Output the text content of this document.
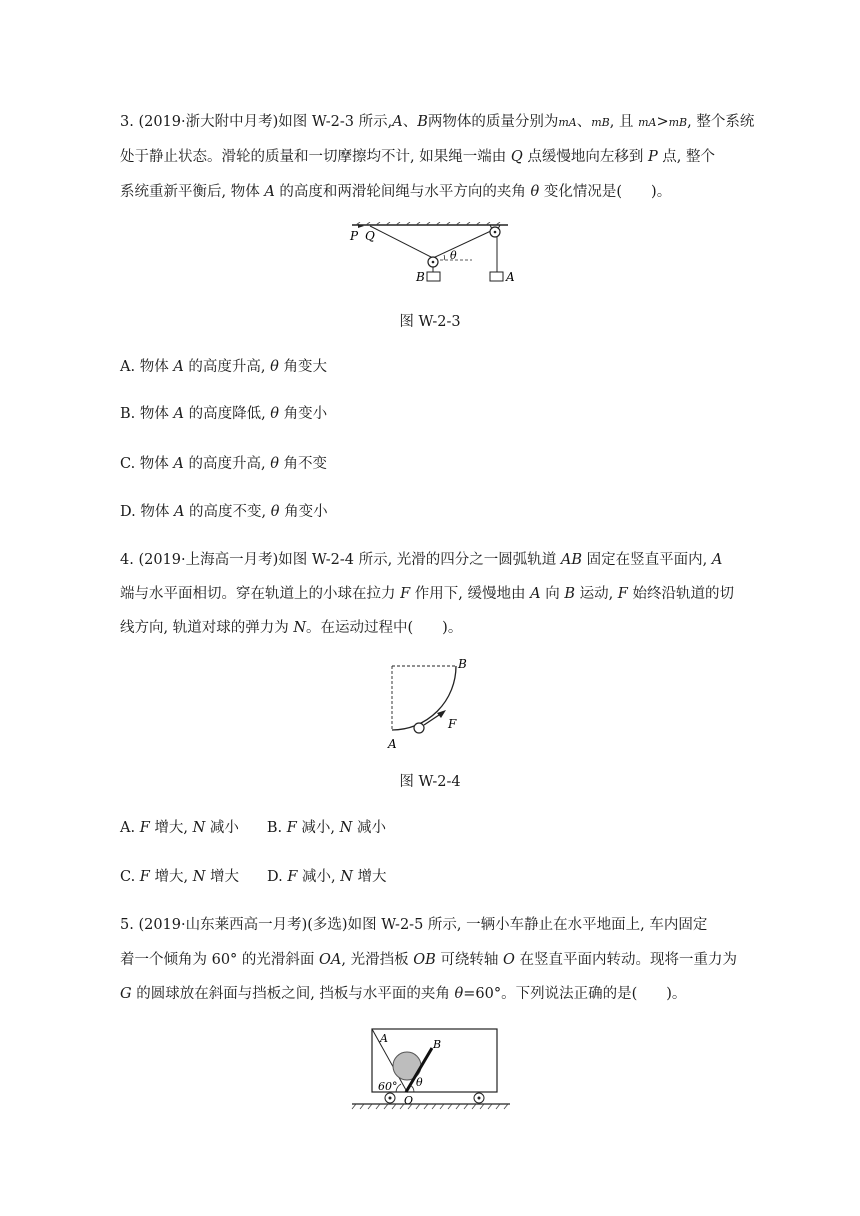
3. (2019·浙大附中月考)如图 W-2-3 所示,A、B两物体的质量分别为mA、mB, 且 mA>mB, 整个系统
处于静止状态。滑轮的质量和一切摩擦均不计, 如果绳一端由 Q 点缓慢地向左移到 P 点, 整个
系统重新平衡后, 物体 A 的高度和两滑轮间绳与水平方向的夹角 θ 变化情况是(　　)。
P Q
B	A
θ
图 W-2-3
A. 物体 A 的高度升高, θ 角变大
B. 物体 A 的高度降低, θ 角变小
C. 物体 A 的高度升高, θ 角不变
D. 物体 A 的高度不变, θ 角变小
4. (2019·上海高一月考)如图 W-2-4 所示, 光滑的四分之一圆弧轨道 AB 固定在竖直平面内, A
端与水平面相切。穿在轨道上的小球在拉力 F 作用下, 缓慢地由 A 向 B 运动, F 始终沿轨道的切
线方向, 轨道对球的弹力为 N。在运动过程中(　　)。
B
A
F
图 W-2-4
A. F 增大, N 减小 B. F 减小, N 减小
C. F 增大, N 增大 D. F 减小, N 增大
5. (2019·山东莱西高一月考)(多选)如图 W-2-5 所示, 一辆小车静止在水平地面上, 车内固定
着一个倾角为 60° 的光滑斜面 OA, 光滑挡板 OB 可绕转轴 O 在竖直平面内转动。现将一重力为
G 的圆球放在斜面与挡板之间, 挡板与水平面的夹角 θ=60°。下列说法正确的是(　　)。
A	B
60° θ
O
